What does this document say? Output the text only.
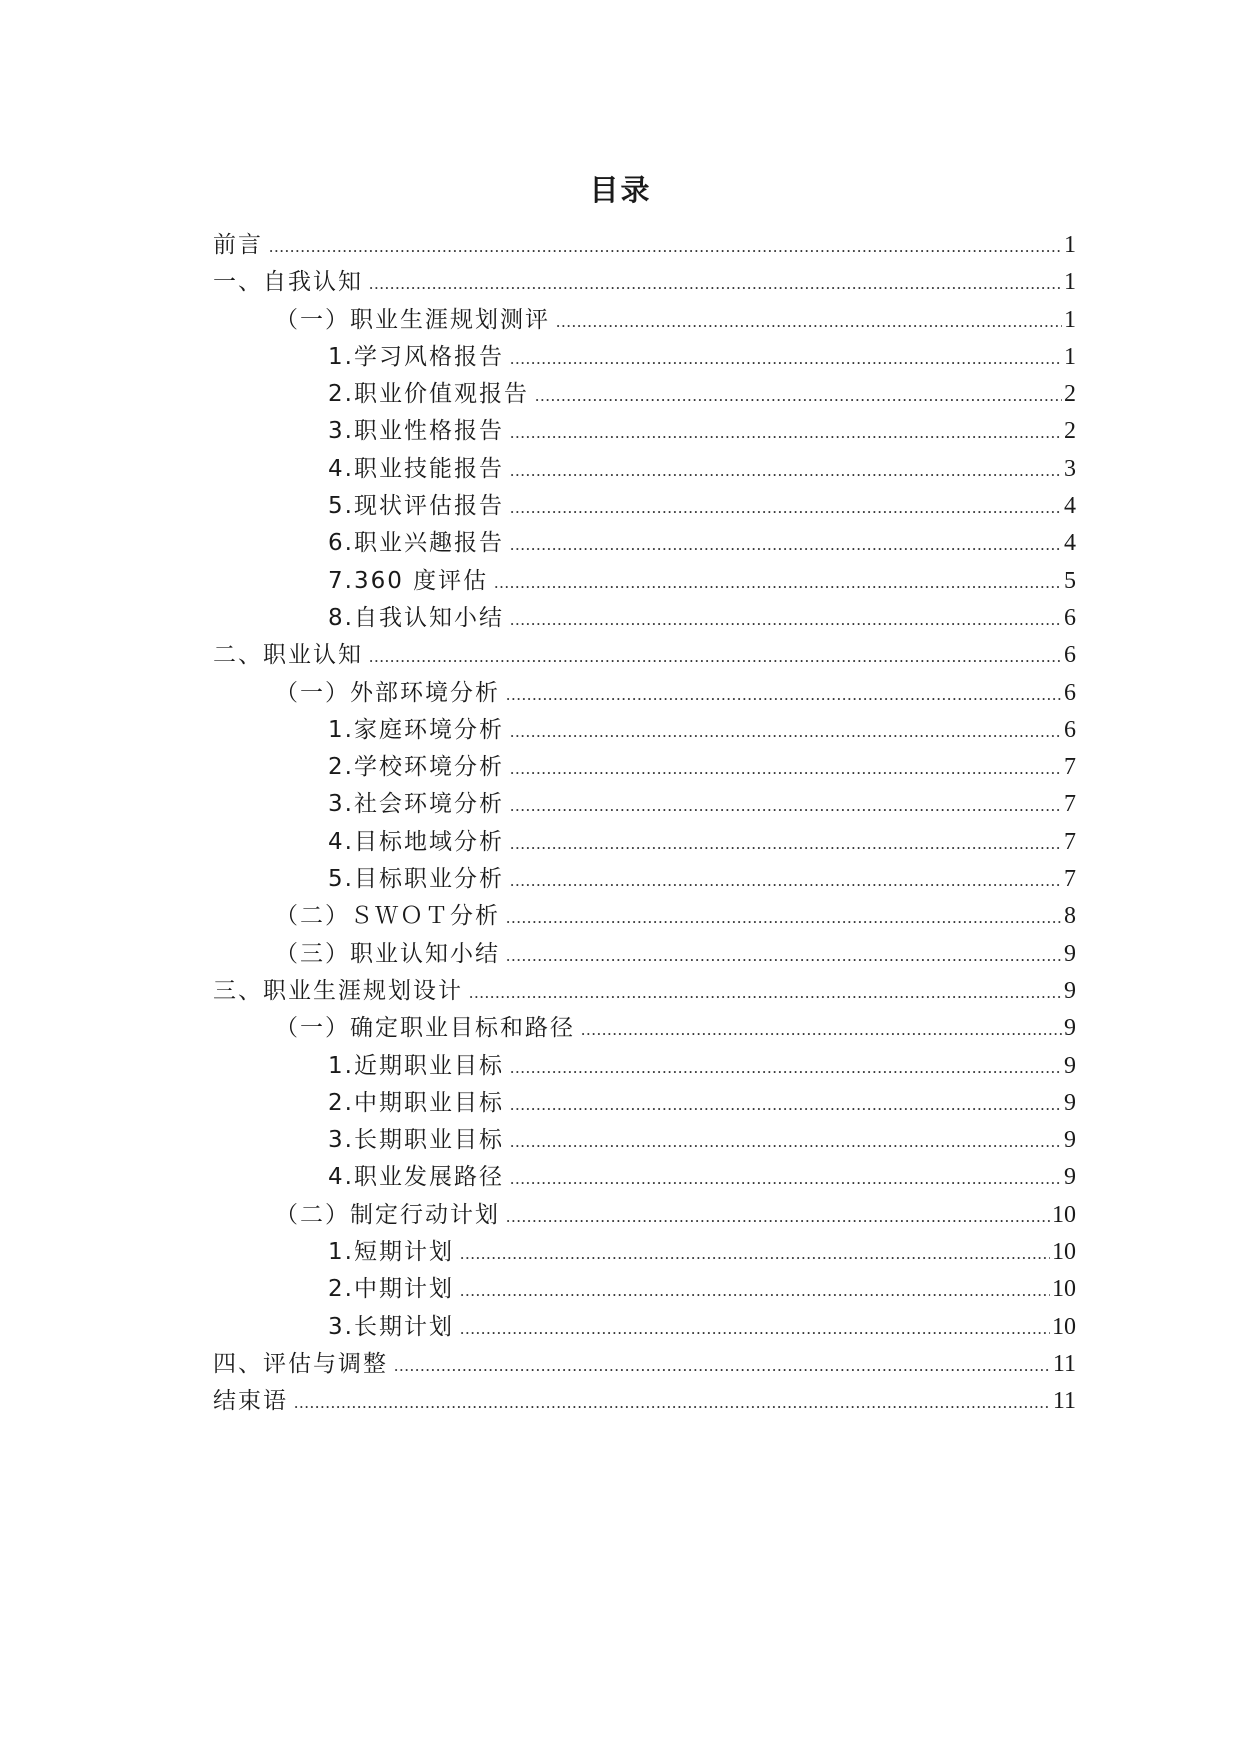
目录
前言 .....	1
一、自我认知 .....	1
（一）职业生涯规划测评 .....	1
1.学习风格报告 .....	1
2.职业价值观报告 .....	2
3.职业性格报告 .....	2
4.职业技能报告 .....	3
5.现状评估报告 .....	4
6.职业兴趣报告 .....	4
7.360 度评估 .....	5
8.自我认知小结 .....	6
二、职业认知 .....	6
（一）外部环境分析 .....	6
1.家庭环境分析 .....	6
2.学校环境分析 .....	7
3.社会环境分析 .....	7
4.目标地域分析 .....	7
5.目标职业分析 .....	7
（二）ＳＷＯＴ分析 .....	8
（三）职业认知小结 .....	9
三、职业生涯规划设计 .....	9
（一）确定职业目标和路径 .....	9
1.近期职业目标 .....	9
2.中期职业目标 .....	9
3.长期职业目标 .....	9
4.职业发展路径 .....	9
（二）制定行动计划 .....	10
1.短期计划 .....	10
2.中期计划 .....	10
3.长期计划 .....	10
四、评估与调整 .....	11
结束语 .....	11
